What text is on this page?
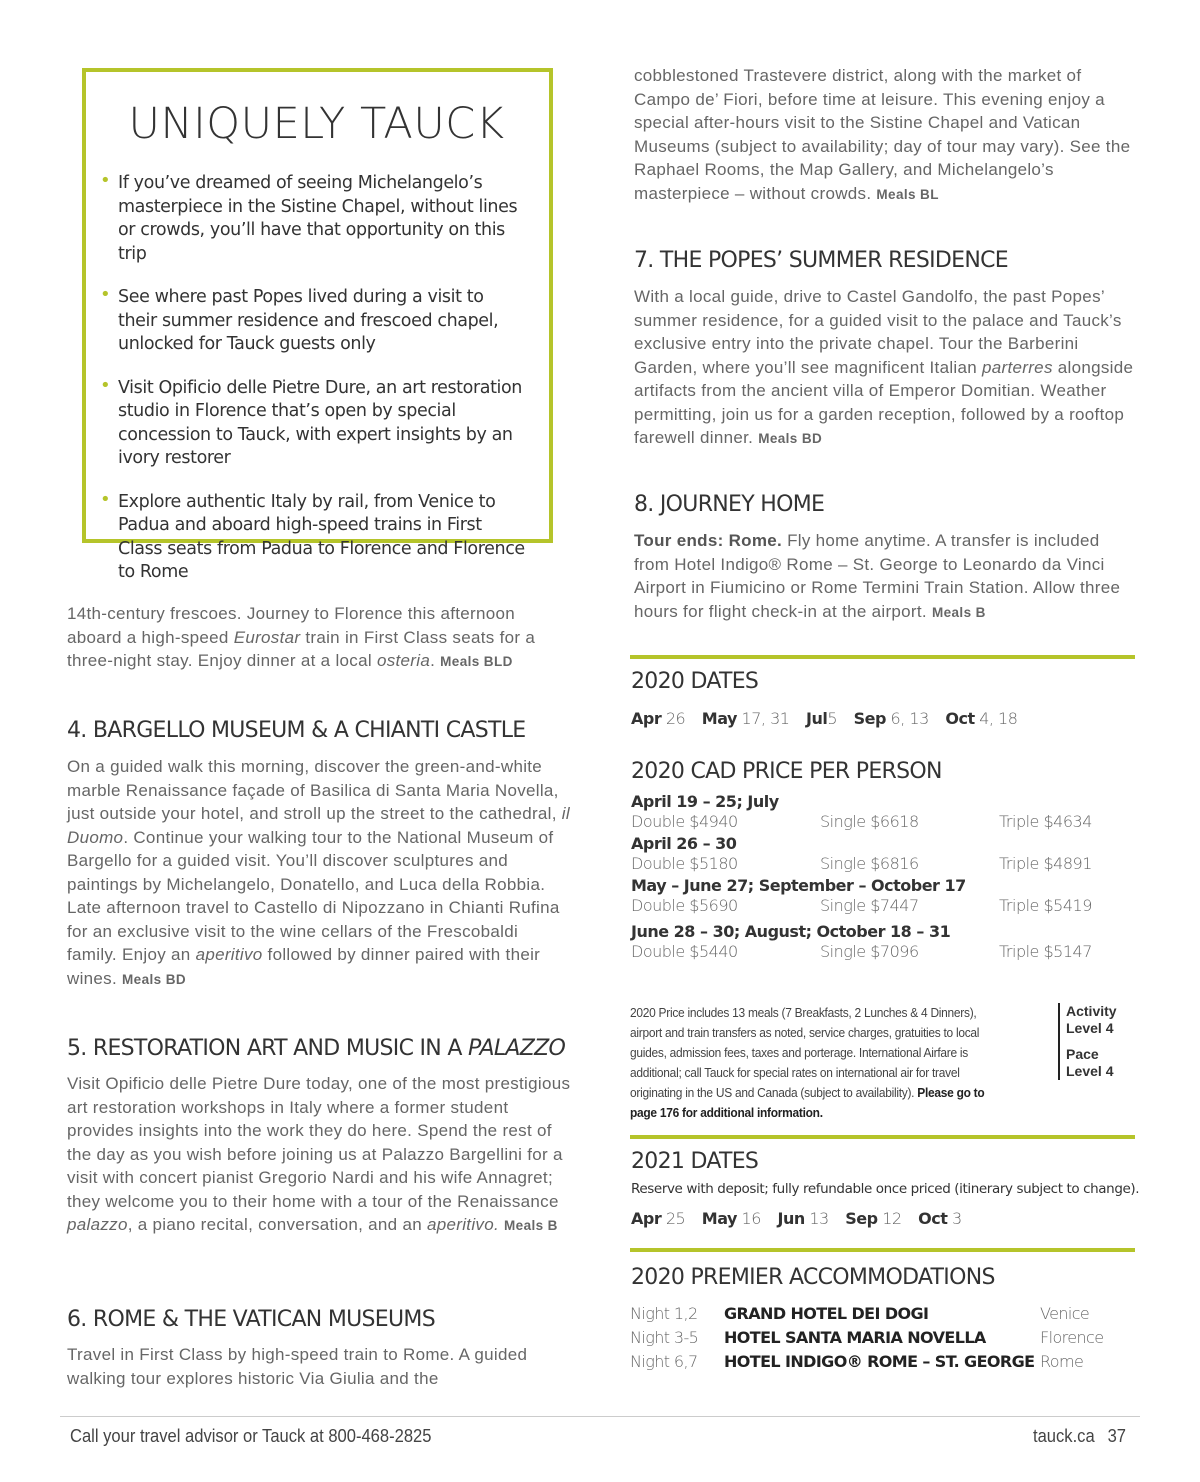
UNIQUELY TAUCK
• If you’ve dreamed of seeing Michelangelo’s masterpiece in the Sistine Chapel, without lines or crowds, you’ll have that opportunity on this trip
• See where past Popes lived during a visit to their summer residence and frescoed chapel, unlocked for Tauck guests only
• Visit Opificio delle Pietre Dure, an art restoration studio in Florence that’s open by special concession to Tauck, with expert insights by an ivory restorer
• Explore authentic Italy by rail, from Venice to Padua and aboard high-speed trains in First Class seats from Padua to Florence and Florence to Rome
14th-century frescoes. Journey to Florence this afternoon aboard a high-speed Eurostar train in First Class seats for a three-night stay. Enjoy dinner at a local osteria. Meals BLD
4. BARGELLO MUSEUM & A CHIANTI CASTLE
On a guided walk this morning, discover the green-and-white marble Renaissance façade of Basilica di Santa Maria Novella, just outside your hotel, and stroll up the street to the cathedral, il Duomo. Continue your walking tour to the National Museum of Bargello for a guided visit. You’ll discover sculptures and paintings by Michelangelo, Donatello, and Luca della Robbia. Late afternoon travel to Castello di Nipozzano in Chianti Rufina for an exclusive visit to the wine cellars of the Frescobaldi family. Enjoy an aperitivo followed by dinner paired with their wines. Meals BD
5. RESTORATION ART AND MUSIC IN A PALAZZO
Visit Opificio delle Pietre Dure today, one of the most prestigious art restoration workshops in Italy where a former student provides insights into the work they do here. Spend the rest of the day as you wish before joining us at Palazzo Bargellini for a visit with concert pianist Gregorio Nardi and his wife Annagret; they welcome you to their home with a tour of the Renaissance palazzo, a piano recital, conversation, and an aperitivo. Meals B
6. ROME & THE VATICAN MUSEUMS
Travel in First Class by high-speed train to Rome. A guided walking tour explores historic Via Giulia and the
cobblestoned Trastevere district, along with the market of Campo de’ Fiori, before time at leisure. This evening enjoy a special after-hours visit to the Sistine Chapel and Vatican Museums (subject to availability; day of tour may vary). See the Raphael Rooms, the Map Gallery, and Michelangelo’s masterpiece – without crowds. Meals BL
7. THE POPES’ SUMMER RESIDENCE
With a local guide, drive to Castel Gandolfo, the past Popes’ summer residence, for a guided visit to the palace and Tauck’s exclusive entry into the private chapel. Tour the Barberini Garden, where you’ll see magnificent Italian parterres alongside artifacts from the ancient villa of Emperor Domitian. Weather permitting, join us for a garden reception, followed by a rooftop farewell dinner. Meals BD
8. JOURNEY HOME
Tour ends: Rome. Fly home anytime. A transfer is included from Hotel Indigo® Rome – St. George to Leonardo da Vinci Airport in Fiumicino or Rome Termini Train Station. Allow three hours for flight check-in at the airport. Meals B
2020 DATES
Apr 26 May 17, 31 Jul5 Sep 6, 13 Oct 4, 18
2020 CAD PRICE PER PERSON
April 19 – 25; July
Double $4940	Single $6618	Triple $4634
April 26 – 30
Double $5180	Single $6816	Triple $4891
May – June 27; September – October 17
Double $5690	Single $7447	Triple $5419
June 28 – 30; August; October 18 – 31
Double $5440	Single $7096	Triple $5147
2020 Price includes 13 meals (7 Breakfasts, 2 Lunches & 4 Dinners), airport and train transfers as noted, service charges, gratuities to local guides, admission fees, taxes and porterage. International Airfare is additional; call Tauck for special rates on international air for travel originating in the US and Canada (subject to availability). Please go to page 176 for additional information.
Activity
Level 4
Pace
Level 4
2021 DATES
Reserve with deposit; fully refundable once priced (itinerary subject to change).
Apr 25 May 16 Jun 13 Sep 12 Oct 3
2020 PREMIER ACCOMMODATIONS
Night 1,2 GRAND HOTEL DEI DOGI	Venice
Night 3-5 HOTEL SANTA MARIA NOVELLA	Florence
Night 6,7 HOTEL INDIGO® ROME – ST. GEORGE Rome
Call your travel advisor or Tauck at 800-468-2825	tauck.ca 37
